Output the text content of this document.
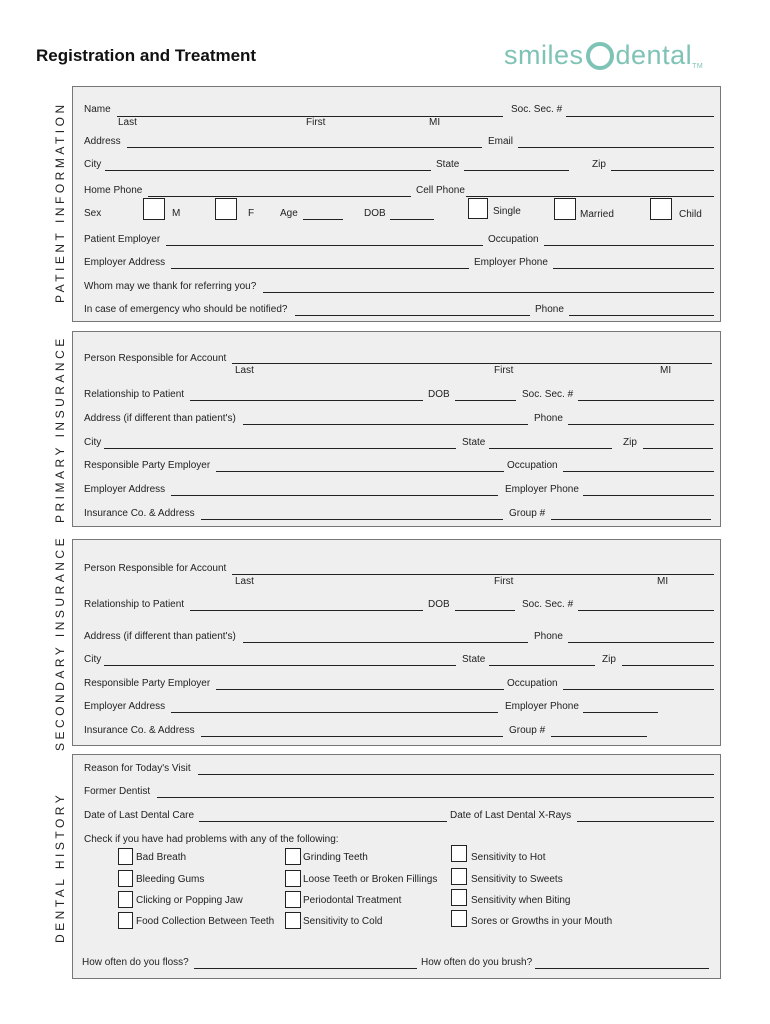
Registration and Treatment	smiles dentalTM
PATIENT INFORMATION
PRIMARY INSURANCE
SECONDARY INSURANCE
DENTAL HISTORY
Name	Soc. Sec. #
Last	First	MI
Address	Email
City	State	Zip
Home Phone	Cell Phone
Sex	M	F	Age	DOB	Single	Married	Child
Patient Employer	Occupation
Employer Address	Employer Phone
Whom may we thank for referring you?
In case of emergency who should be notified?	Phone
Person Responsible for Account
Last	First	MI
Relationship to Patient	DOB	Soc. Sec. #
Address (if different than patient's)	Phone
City	State	Zip
Responsible Party Employer	Occupation
Employer Address	Employer Phone
Insurance Co. & Address	Group #
Person Responsible for Account
Last	First	MI
Relationship to Patient	DOB	Soc. Sec. #
Address (if different than patient's)	Phone
City	State	Zip
Responsible Party Employer	Occupation
Employer Address	Employer Phone
Insurance Co. & Address	Group #
Reason for Today's Visit
Former Dentist
Date of Last Dental Care	Date of Last Dental X-Rays
Check if you have had problems with any of the following:
Bad Breath
Bleeding Gums
Clicking or Popping Jaw
Food Collection Between Teeth
Grinding Teeth
Loose Teeth or Broken Fillings
Periodontal Treatment
Sensitivity to Cold
Sensitivity to Hot
Sensitivity to Sweets
Sensitivity when Biting
Sores or Growths in your Mouth
How often do you floss?	How often do you brush?
